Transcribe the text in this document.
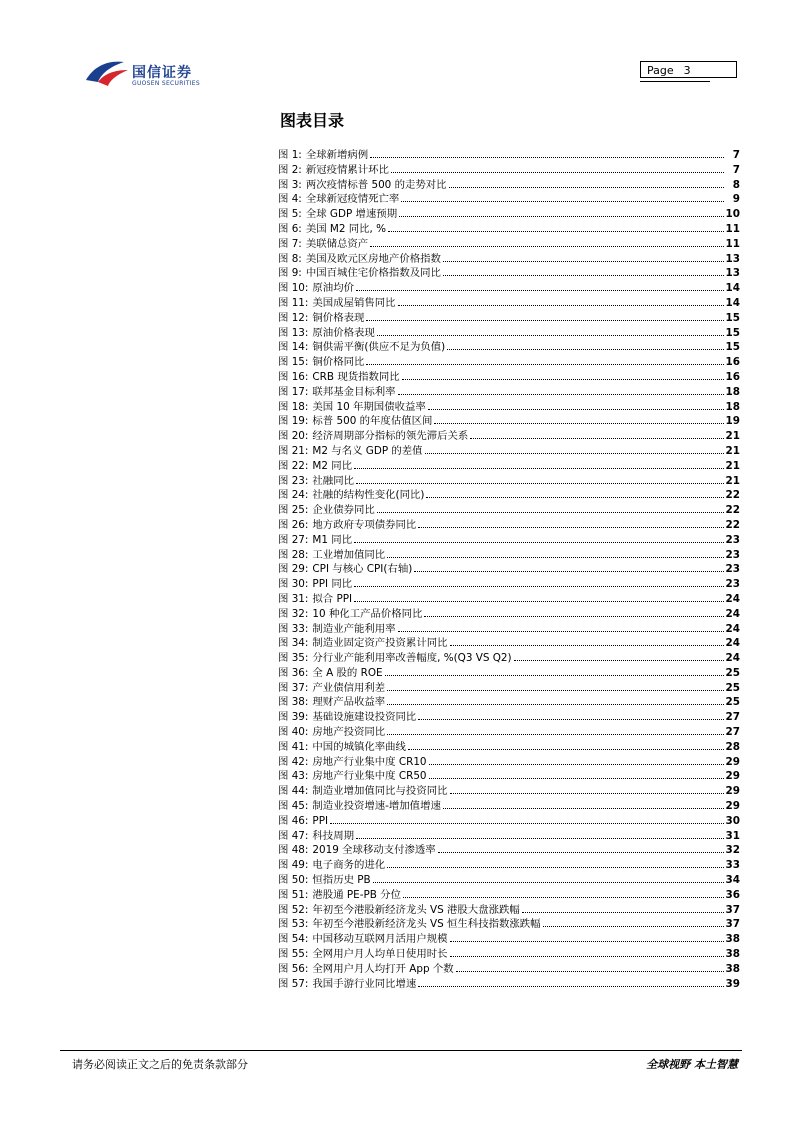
国信证券
GUOSEN SECURITIES
Page 3
图表目录
图 1: 全球新增病例	7
图 2: 新冠疫情累计环比	7
图 3: 两次疫情标普 500 的走势对比	8
图 4: 全球新冠疫情死亡率	9
图 5: 全球 GDP 增速预期	10
图 6: 美国 M2 同比, %	11
图 7: 美联储总资产	11
图 8: 美国及欧元区房地产价格指数	13
图 9: 中国百城住宅价格指数及同比	13
图 10: 原油均价	14
图 11: 美国成屋销售同比	14
图 12: 铜价格表现	15
图 13: 原油价格表现	15
图 14: 铜供需平衡(供应不足为负值)	15
图 15: 铜价格同比	16
图 16: CRB 现货指数同比	16
图 17: 联邦基金目标利率	18
图 18: 美国 10 年期国债收益率	18
图 19: 标普 500 的年度估值区间	19
图 20: 经济周期部分指标的领先滞后关系	21
图 21: M2 与名义 GDP 的差值	21
图 22: M2 同比	21
图 23: 社融同比	21
图 24: 社融的结构性变化(同比)	22
图 25: 企业债券同比	22
图 26: 地方政府专项债券同比	22
图 27: M1 同比	23
图 28: 工业增加值同比	23
图 29: CPI 与核心 CPI(右轴)	23
图 30: PPI 同比	23
图 31: 拟合 PPI	24
图 32: 10 种化工产品价格同比	24
图 33: 制造业产能利用率	24
图 34: 制造业固定资产投资累计同比	24
图 35: 分行业产能利用率改善幅度, %(Q3 VS Q2)	24
图 36: 全 A 股的 ROE	25
图 37: 产业债信用利差	25
图 38: 理财产品收益率	25
图 39: 基础设施建设投资同比	27
图 40: 房地产投资同比	27
图 41: 中国的城镇化率曲线	28
图 42: 房地产行业集中度 CR10	29
图 43: 房地产行业集中度 CR50	29
图 44: 制造业增加值同比与投资同比	29
图 45: 制造业投资增速-增加值增速	29
图 46: PPI	30
图 47: 科技周期	31
图 48: 2019 全球移动支付渗透率	32
图 49: 电子商务的进化	33
图 50: 恒指历史 PB	34
图 51: 港股通 PE-PB 分位	36
图 52: 年初至今港股新经济龙头 VS 港股大盘涨跌幅	37
图 53: 年初至今港股新经济龙头 VS 恒生科技指数涨跌幅	37
图 54: 中国移动互联网月活用户规模	38
图 55: 全网用户月人均单日使用时长	38
图 56: 全网用户月人均打开 App 个数	38
图 57: 我国手游行业同比增速	39
请务必阅读正文之后的免责条款部分	全球视野 本土智慧
